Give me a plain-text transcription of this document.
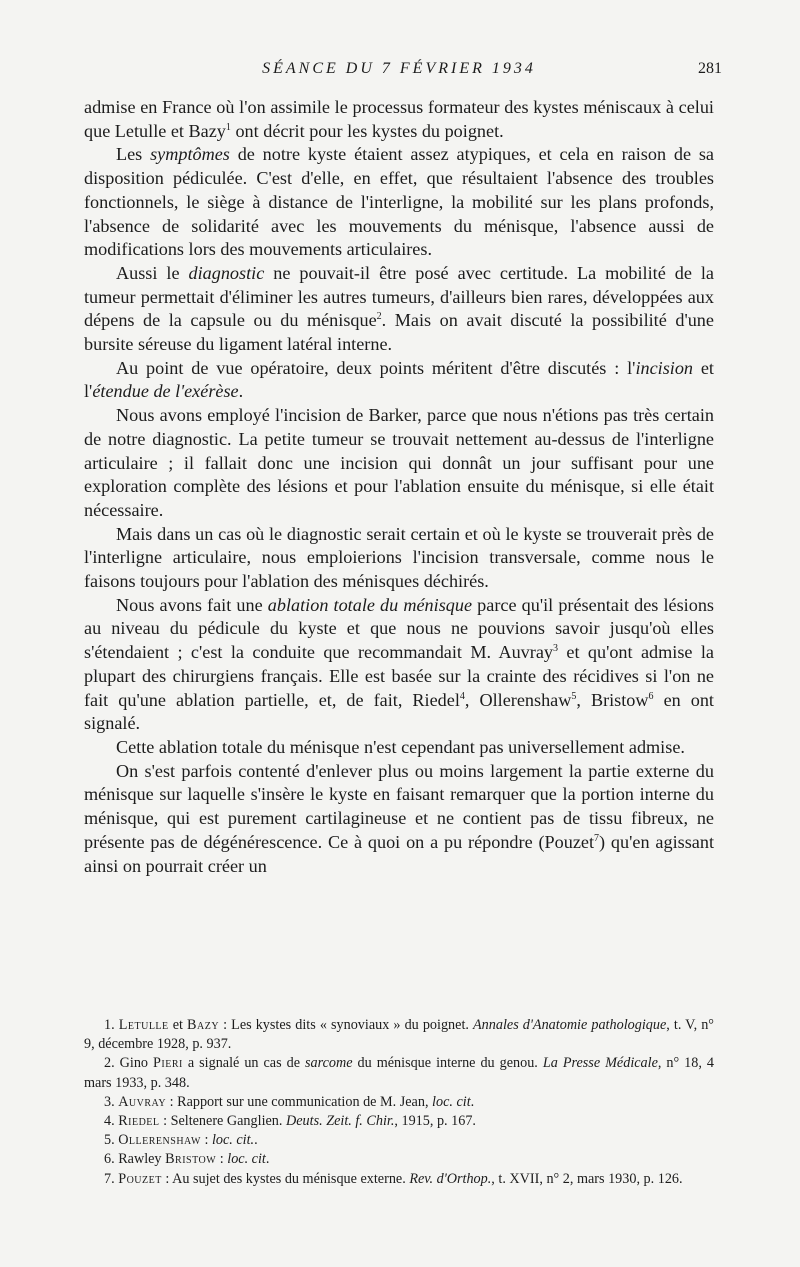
SÉANCE DU 7 FÉVRIER 1934	281

admise en France où l'on assimile le processus formateur des kystes méniscaux à celui que Letulle et Bazy$^1$ ont décrit pour les kystes du poignet.

Les symptômes de notre kyste étaient assez atypiques, et cela en raison de sa disposition pédiculée. C'est d'elle, en effet, que résultaient l'absence des troubles fonctionnels, le siège à distance de l'interligne, la mobilité sur les plans profonds, l'absence de solidarité avec les mouvements du ménisque, l'absence aussi de modifications lors des mouvements articulaires.

Aussi le diagnostic ne pouvait-il être posé avec certitude. La mobilité de la tumeur permettait d'éliminer les autres tumeurs, d'ailleurs bien rares, développées aux dépens de la capsule ou du ménisque$^2$. Mais on avait discuté la possibilité d'une bursite séreuse du ligament latéral interne.

Au point de vue opératoire, deux points méritent d'être discutés : l'incision et l'étendue de l'exérèse.

Nous avons employé l'incision de Barker, parce que nous n'étions pas très certain de notre diagnostic. La petite tumeur se trouvait nettement au-dessus de l'interligne articulaire ; il fallait donc une incision qui donnât un jour suffisant pour une exploration complète des lésions et pour l'ablation ensuite du ménisque, si elle était nécessaire.

Mais dans un cas où le diagnostic serait certain et où le kyste se trouverait près de l'interligne articulaire, nous emploierions l'incision transversale, comme nous le faisons toujours pour l'ablation des ménisques déchirés.

Nous avons fait une ablation totale du ménisque parce qu'il présentait des lésions au niveau du pédicule du kyste et que nous ne pouvions savoir jusqu'où elles s'étendaient ; c'est la conduite que recommandait M. Auvray$^3$ et qu'ont admise la plupart des chirurgiens français. Elle est basée sur la crainte des récidives si l'on ne fait qu'une ablation partielle, et, de fait, Riedel$^4$, Ollerenshaw$^5$, Bristow$^6$ en ont signalé.

Cette ablation totale du ménisque n'est cependant pas universellement admise.

On s'est parfois contenté d'enlever plus ou moins largement la partie externe du ménisque sur laquelle s'insère le kyste en faisant remarquer que la portion interne du ménisque, qui est purement cartilagineuse et ne contient pas de tissu fibreux, ne présente pas de dégénérescence. Ce à quoi on a pu répondre (Pouzet$^7$) qu'en agissant ainsi on pourrait créer un

1. Letulle et Bazy : Les kystes dits « synoviaux » du poignet. Annales d'Anatomie pathologique, t. V, n° 9, décembre 1928, p. 937.

2. Gino Pieri a signalé un cas de sarcome du ménisque interne du genou. La Presse Médicale, n° 18, 4 mars 1933, p. 348.

3. Auvray : Rapport sur une communication de M. Jean, loc. cit.

4. Riedel : Seltenere Ganglien. Deuts. Zeit. f. Chir., 1915, p. 167.

5. Ollerenshaw : loc. cit..

6. Rawley Bristow : loc. cit.

7. Pouzet : Au sujet des kystes du ménisque externe. Rev. d'Orthop., t. XVII, n° 2, mars 1930, p. 126.
